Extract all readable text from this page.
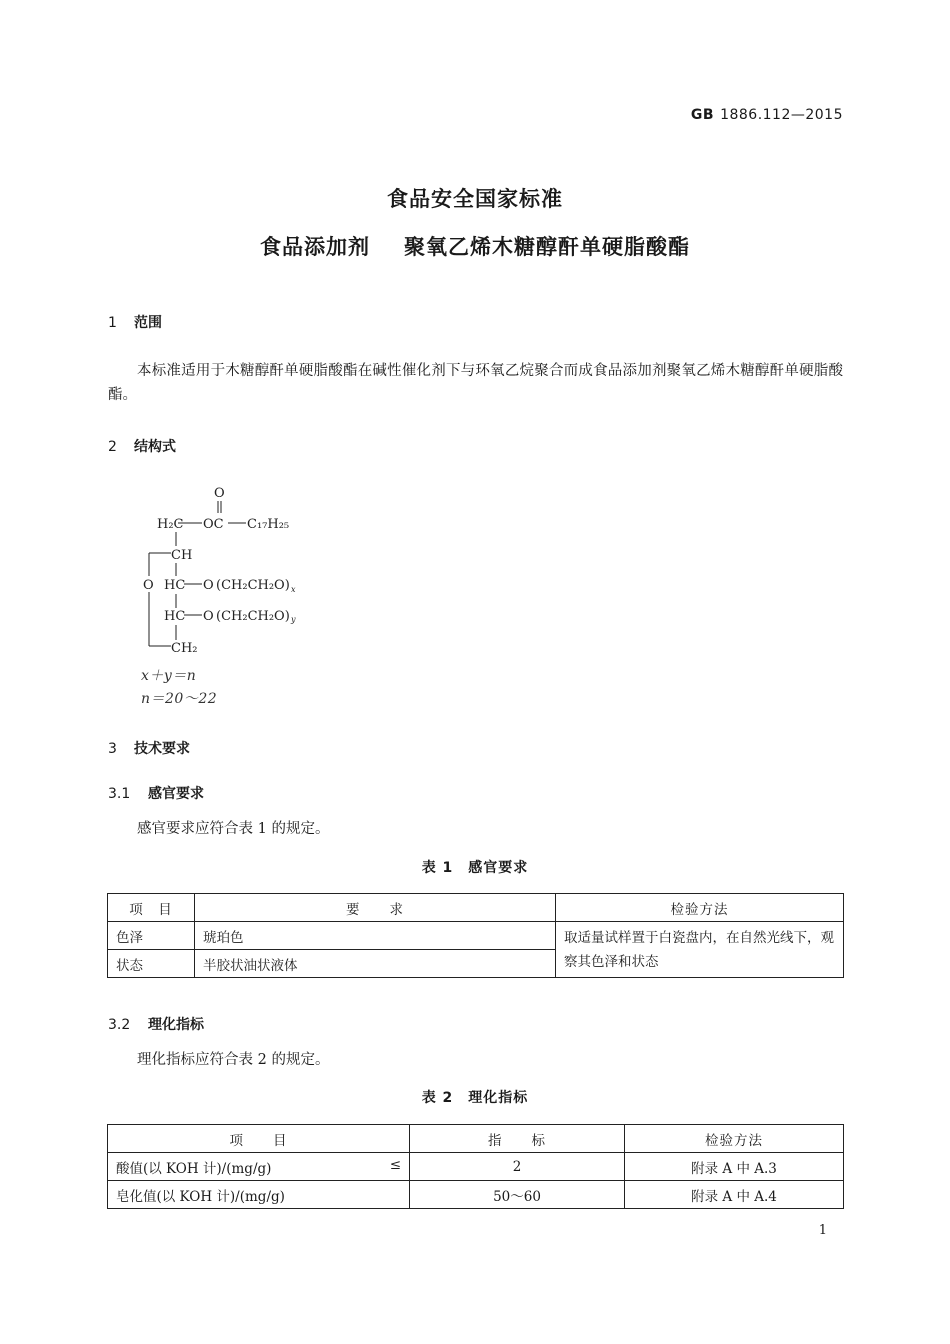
GB 1886.112—2015
食品安全国家标准
食品添加剂 聚氧乙烯木糖醇酐单硬脂酸酯
1 范围
本标准适用于木糖醇酐单硬脂酸酯在碱性催化剂下与环氧乙烷聚合而成食品添加剂聚氧乙烯木糖醇酐单硬脂酸酯。
2 结构式
O
H₂C OC C₁₇H₂₅
CH
O HC O (CH₂CH₂O) x
HC O (CH₂CH₂O) y
CH₂
x＋y＝n
n＝20～22
3 技术要求
3.1 感官要求
感官要求应符合表 1 的规定。
表 1　感官要求
项　目	要　　求	检验方法
色泽	琥珀色	取适量试样置于白瓷盘内，在自然光线下，观察其色泽和状态
状态	半胶状油状液体	
3.2 理化指标
理化指标应符合表 2 的规定。
表 2　理化指标
项　　目	指　　标	检验方法
酸值(以 KOH 计)/(mg/g) ≤	2	附录 A 中 A.3
皂化值(以 KOH 计)/(mg/g)	50～60	附录 A 中 A.4
1
